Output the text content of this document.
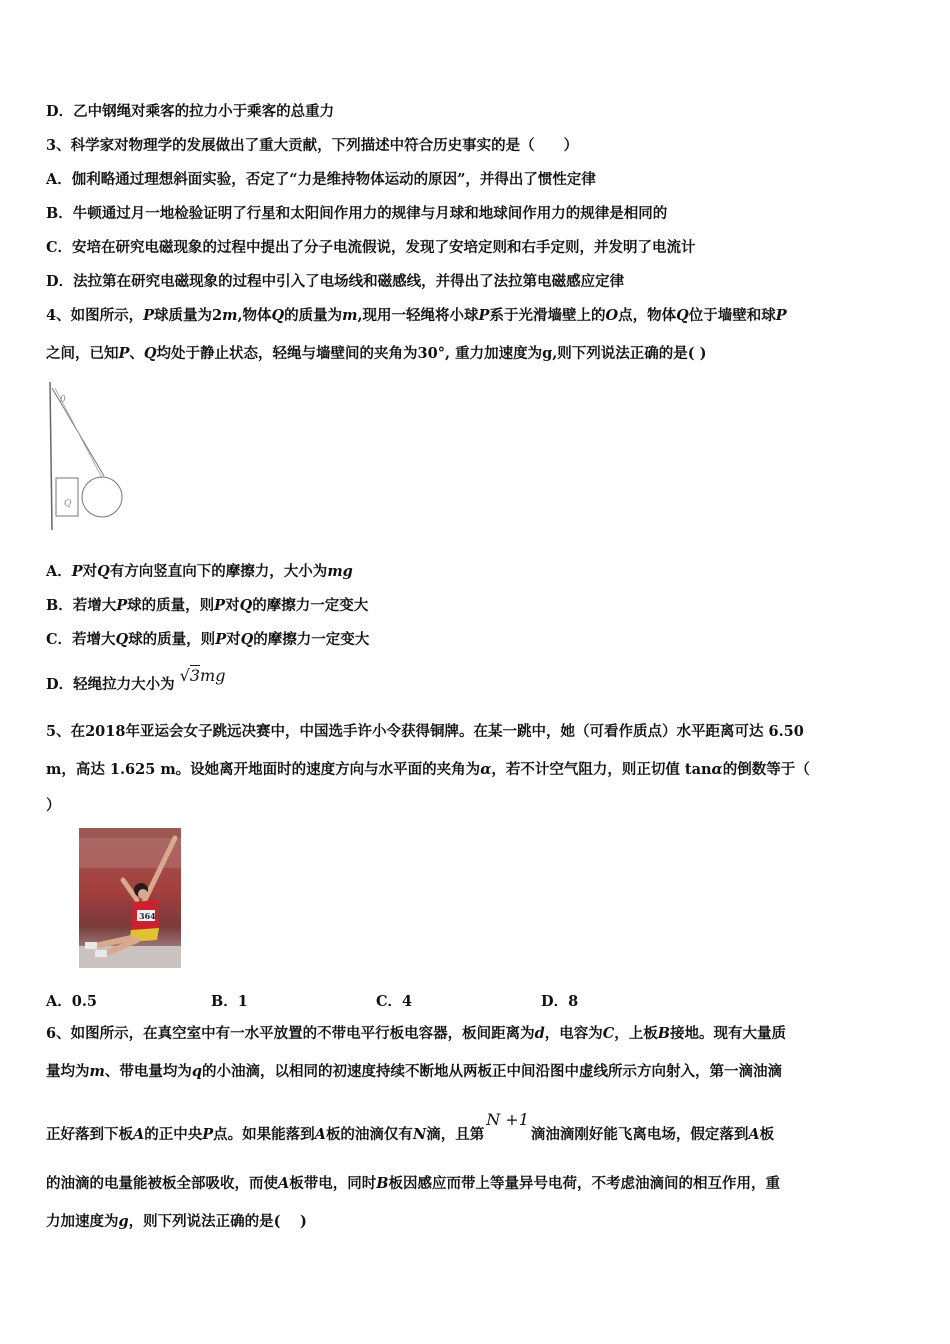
D．乙中钢绳对乘客的拉力小于乘客的总重力
3、科学家对物理学的发展做出了重大贡献，下列描述中符合历史事实的是（　　）
A．伽利略通过理想斜面实验，否定了“力是维持物体运动的原因”，并得出了惯性定律
B．牛顿通过月一地检验证明了行星和太阳间作用力的规律与月球和地球间作用力的规律是相同的
C．安培在研究电磁现象的过程中提出了分子电流假说，发现了安培定则和右手定则，并发明了电流计
D．法拉第在研究电磁现象的过程中引入了电场线和磁感线，并得出了法拉第电磁感应定律
4、如图所示，P球质量为2m,物体Q的质量为m,现用一轻绳将小球P系于光滑墙壁上的O点，物体Q位于墙壁和球P
之间，已知P、Q均处于静止状态，轻绳与墙壁间的夹角为30°, 重力加速度为g,则下列说法正确的是( )
0
Q
A．P对Q有方向竖直向下的摩擦力，大小为mg
B．若增大P球的质量，则P对Q的摩擦力一定变大
C．若增大Q球的质量，则P对Q的摩擦力一定变大
D．轻绳拉力大小为 √3mg
5、在2018年亚运会女子跳远决赛中，中国选手许小令获得铜牌。在某一跳中，她（可看作质点）水平距离可达 6.50
m，高达 1.625 m。设她离开地面时的速度方向与水平面的夹角为α，若不计空气阻力，则正切值 tanα的倒数等于（
）
364
A．0.5	B．1	C．4	D．8
6、如图所示，在真空室中有一水平放置的不带电平行板电容器，板间距离为d，电容为C，上板B接地。现有大量质
量均为m、带电量均为q的小油滴，以相同的初速度持续不断地从两板正中间沿图中虚线所示方向射入，第一滴油滴
正好落到下板A的正中央P点。如果能落到A板的油滴仅有N滴，且第N +1滴油滴刚好能飞离电场，假定落到A板
的油滴的电量能被板全部吸收，而使A板带电，同时B板因感应而带上等量异号电荷，不考虑油滴间的相互作用，重
力加速度为g，则下列说法正确的是(　 )
